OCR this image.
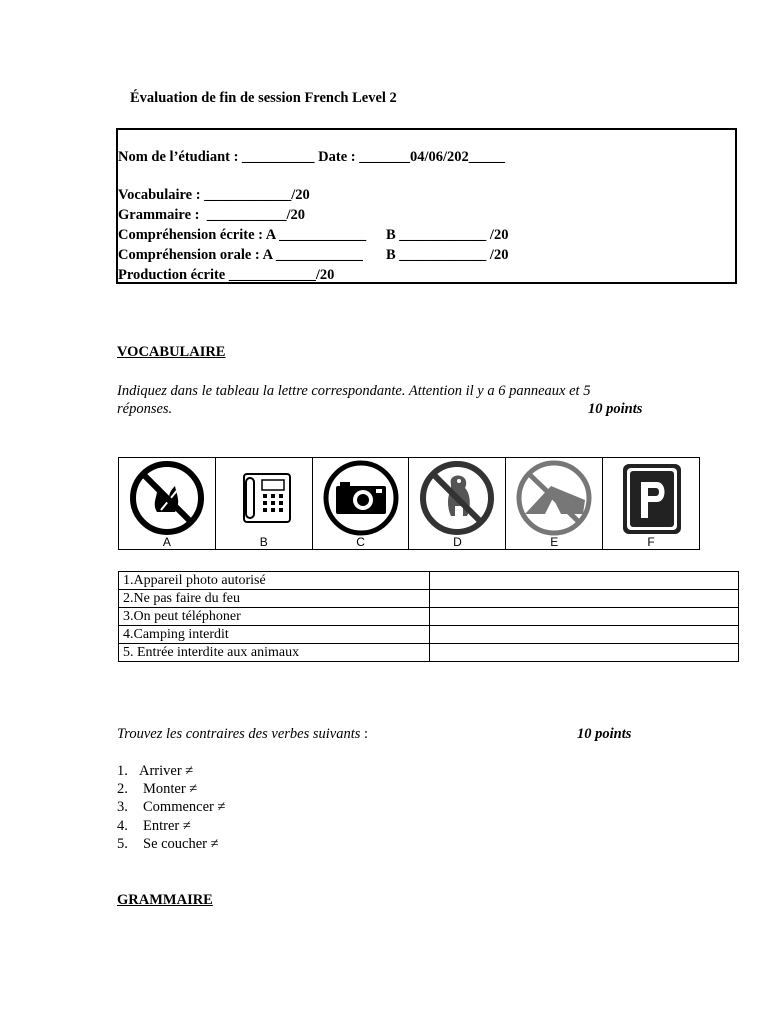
Évaluation de fin de session French Level 2
Nom de l’étudiant : __________ Date : _______04/06/202_____
Vocabulaire : ____________/20
Grammaire :  ___________/20
Compréhension écrite : A ____________ B ____________ /20
Compréhension orale : A ____________ B ____________ /20
Production écrite ____________/20
VOCABULAIRE
Indiquez dans le tableau la lettre correspondante. Attention il y a 6 panneaux et 5
réponses.	10 points
A	B	C	D	E	F
1.Appareil photo autorisé	
2.Ne pas faire du feu	
3.On peut téléphoner	
4.Camping interdit	
5. Entrée interdite aux animaux	
Trouvez les contraires des verbes suivants :	10 points
1. Arriver ≠
2. Monter ≠
3. Commencer ≠
4. Entrer ≠
5. Se coucher ≠
GRAMMAIRE
